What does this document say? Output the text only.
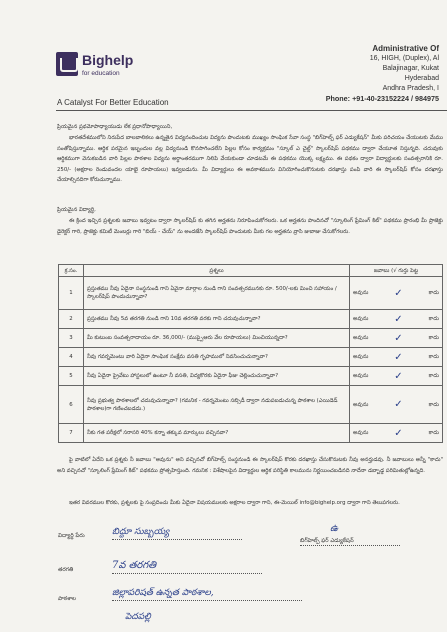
Bighelp
for education
A Catalyst For Better Education
Administrative Of
16, HIGH, (Duplex), Al
Balajinagar, Kukat
Hyderabad
Andhra Pradesh, I
Phone: +91-40-23152224 / 984975
ప్రియమైన ప్రథమోపాధ్యాయుడు లేక ప్రధానోపాధ్యాయిని,
భారతదేశములోని నిరుపేద బాలబాలికలు ఉన్నతైన విద్యనందించుట విద్యను పొందుటకు ముఖ్యం సాంఘిక సేవా సంస్థ "బిగ్‌హెల్ప్ ఫర్ ఎడ్యుకేషన్" మీకు పరిచయం చేయుటకు మేము సంతోషిస్తున్నాము. ఆర్థిక పరమైన ఇబ్బందుల వల్ల విద్యనుండి కొనసాగించలేని పిల్లల కోసం కార్యక్రమం "స్కూల్ ఎ చైల్డ్" స్కాలర్‌షిప్ పథకము ద్వారా చేయూత నిస్తున్నది. చదువుకు ఆర్థికముగా వెనుకబడిన వారి పిల్లల పాఠశాల విద్యను అర్థాంతరముగా నిలిపి వేయకుండా చూడటమే ఈ పథకము యొక్క లక్ష్యము. ఈ పథకం ద్వారా విద్యార్థులకు సంవత్సరానికి రూ. 250/- (అక్షరాల రెండువందల యాభై రూపాయలు) ఇవ్వబడును. మీ విద్యార్థులు ఈ అవకాశమును వినియోగించుకొనుటకు దరఖాస్తు పంపి వారి ఈ స్కాలర్‌షిప్ కోసం దరఖాస్తు చేయాల్సినదిగా కోరుచున్నాము.
ప్రియమైన విద్యార్థి,
ఈ క్రింద ఇచ్చిన ప్రశ్నలకు జవాబు ఇవ్వటం ద్వారా స్కాలర్‌షిప్ కు తగిన అర్హతను నిరూపించుకోగలరు. ఒక అర్హతను పొందినచో "స్కూలింగ్ ఫ్రేమింగ్ కిట్" పథకము ప్రారంభి మీ ప్రాజెక్టు డైరెక్టర్ గారి, ప్రాజెక్టు కమిటీ మెంబర్లు గారి "బియ్ - చేయ్" ను అందజేసి స్కాలర్‌షిప్ పొందుటకు మీకు గల అర్హతను వ్రాసి జుబాజు చేసుకోగలరు.
క్ర.సం.	ప్రశ్నలు	జవాబు (√ గుర్తు పెట్ట
1	ప్రస్తుతము నీవు ఏదైనా సంస్థనుండి గాని ఏవైనా మార్గాల నుండి గాని సంవత్సరమునకు రూ. 500/-లకు మించి సహాయం / స్కాలర్‌షిప్ పొందుచున్నావా?	అవును ✓ కాదు

2	ప్రస్తుతము నీవు 5వ తరగతి నుండి గాని 10వ తరగతి వరకు గాని చదువుచున్నావా?	అవును ✓ కాదు

3	మీ కుటుంబ సంవత్సరాదాయం రూ. 36,000/- (ముప్పైఆరు వేల రూపాయలు) మించియున్నదా?	అవును ✓ కాదు

4	నీవు గవర్నమెంటు వారి ఏదైనా సాంఘిక సంక్షేమ వసతి గృహములో నివసించుచున్నావా?	అవును ✓ కాదు

5	నీవు ఏదైనా ప్రైవేటు హాస్టలులో ఉంటూ నీ వసతి, విద్యకొరకు ఏదైనా ఫీజు చెల్లించుచున్నావా?	అవును ✓ కాదు

6	నీవు ప్రభుత్వ పాఠశాలలో చదువుచున్నావా? (గమనిక - గవర్నమెంటు సబ్సిడీ ద్వారా నడుపబడుచున్న పాఠశాల (ఎయిడెడ్ పాఠశాల)గా గణించబడదు.)	అవును ✓ కాదు

7	నీకు గత పరీక్షలో సరాసరి 40% కన్నా తక్కువ మార్కులు వచ్చినవా?	అవును ✓ కాదు
పై వాటిలో ఏదేని ఒక ప్రశ్నకు నీ జవాబు "అవును" అని వచ్చినచో బిగ్‌హెల్ప్ సంస్థనుండి ఈ స్కాలర్‌షిప్ కొరకు దరఖాస్తు చేసుకొనుటకు నీవు అనర్హుడవు. నీ జవాబులు అన్నీ "కాదు" అని వచ్చినచో "స్కూలింగ్ ఫ్రేమింగ్ కిట్" పథకము ప్రోత్సహిస్తుంది. గమనిక : విశేషాలపైన విద్యార్థుల ఆర్థిక పరిస్థితి కాలమును నిర్ణయించబడినది నాదేనా డబ్బాడ్డ పరిమితుల్లోఉన్నది.
ఇతర వివరముల కొరకు, ప్రశ్నలకు పై సంప్రదించు మీకు ఏదైనా విషయములకు అక్షరాల ద్వారా గాని, ఈ-మెయిల్ info@bighelp.org ద్వారా గాని తెలుపగలరు.
విద్యార్థి పేరు	బిద్దూ సుబ్బయ్య	ఉ
బిగ్‌హెల్ప్ ఫర్ ఎడ్యుకేషన్
తరగతి	7వ తరగతి
పాఠశాల
జిల్లాపరిషత్ ఉన్నత పాఠశాల,
పెదపల్లి
